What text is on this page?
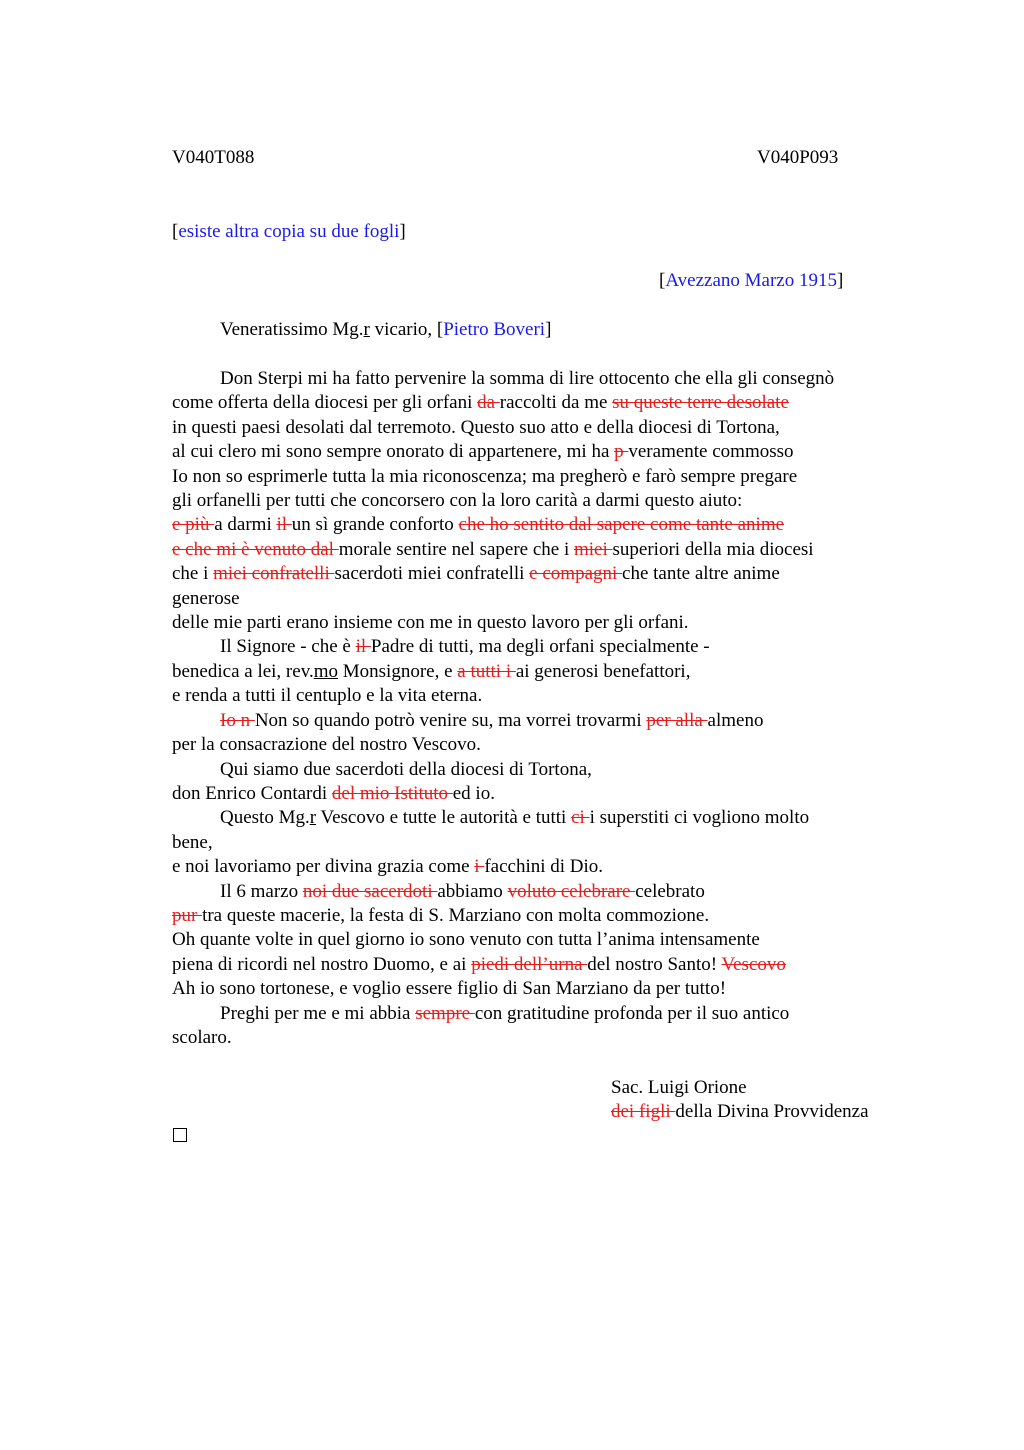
V040T088	V040P093
[esiste altra copia su due fogli]
[Avezzano Marzo 1915]
Veneratissimo Mg.r vicario, [Pietro Boveri]
Don Sterpi mi ha fatto pervenire la somma di lire ottocento che ella gli consegnò
come offerta della diocesi per gli orfani da raccolti da me su queste terre desolate
in questi paesi desolati dal terremoto. Questo suo atto e della diocesi di Tortona,
al cui clero mi sono sempre onorato di appartenere, mi ha p veramente commosso
Io non so esprimerle tutta la mia riconoscenza; ma pregherò e farò sempre pregare
gli orfanelli per tutti che concorsero con la loro carità a darmi questo aiuto:
e più a darmi il un sì grande conforto che ho sentito dal sapere come tante anime
e che mi è venuto dal morale sentire nel sapere che i miei superiori della mia diocesi
che i miei confratelli sacerdoti miei confratelli e compagni che tante altre anime
generose
delle mie parti erano insieme con me in questo lavoro per gli orfani.
Il Signore - che è il Padre di tutti, ma degli orfani specialmente -
benedica a lei, rev.mo Monsignore, e a tutti i ai generosi benefattori,
e renda a tutti il centuplo e la vita eterna.
Io n Non so quando potrò venire su, ma vorrei trovarmi per alla almeno
per la consacrazione del nostro Vescovo.
Qui siamo due sacerdoti della diocesi di Tortona,
don Enrico Contardi del mio Istituto ed io.
Questo Mg.r Vescovo e tutte le autorità e tutti ci i superstiti ci vogliono molto
bene,
e noi lavoriamo per divina grazia come i facchini di Dio.
Il 6 marzo noi due sacerdoti abbiamo voluto celebrare celebrato
pur tra queste macerie, la festa di S. Marziano con molta commozione.
Oh quante volte in quel giorno io sono venuto con tutta l’anima intensamente
piena di ricordi nel nostro Duomo, e ai piedi dell’urna del nostro Santo! Vescovo
Ah io sono tortonese, e voglio essere figlio di San Marziano da per tutto!
Preghi per me e mi abbia sempre con gratitudine profonda per il suo antico
scolaro.
Sac. Luigi Orione
dei figli della Divina Provvidenza
